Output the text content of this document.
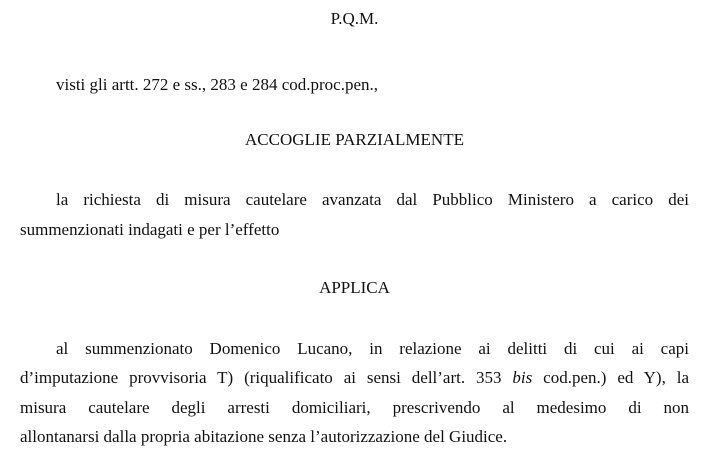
P.Q.M.
visti gli artt. 272 e ss., 283 e 284 cod.proc.pen.,
ACCOGLIE PARZIALMENTE
la richiesta di misura cautelare avanzata dal Pubblico Ministero a carico dei
summenzionati indagati e per l’effetto
APPLICA
al summenzionato Domenico Lucano, in relazione ai delitti di cui ai capi
d’imputazione provvisoria T) (riqualificato ai sensi dell’art. 353 bis cod.pen.) ed Y), la
misura cautelare degli arresti domiciliari, prescrivendo al medesimo di non
allontanarsi dalla propria abitazione senza l’autorizzazione del Giudice.
